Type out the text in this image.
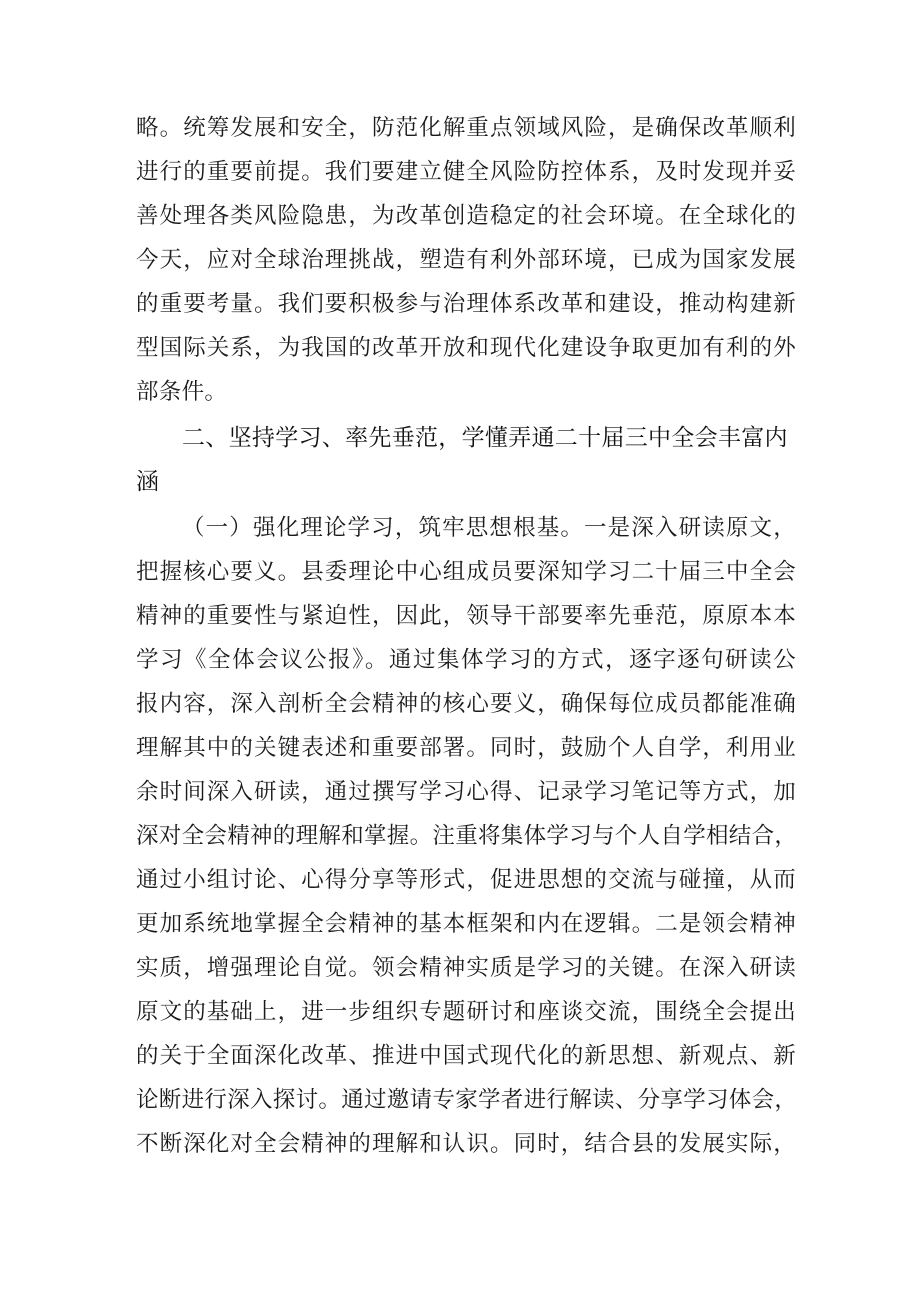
略。统筹发展和安全，防范化解重点领域风险，是确保改革顺利
进行的重要前提。我们要建立健全风险防控体系，及时发现并妥
善处理各类风险隐患，为改革创造稳定的社会环境。在全球化的
今天，应对全球治理挑战，塑造有利外部环境，已成为国家发展
的重要考量。我们要积极参与治理体系改革和建设，推动构建新
型国际关系，为我国的改革开放和现代化建设争取更加有利的外
部条件。
二、坚持学习、率先垂范，学懂弄通二十届三中全会丰富内
涵
（一）强化理论学习，筑牢思想根基。一是深入研读原文，
把握核心要义。县委理论中心组成员要深知学习二十届三中全会
精神的重要性与紧迫性，因此，领导干部要率先垂范，原原本本
学习《全体会议公报》。通过集体学习的方式，逐字逐句研读公
报内容，深入剖析全会精神的核心要义，确保每位成员都能准确
理解其中的关键表述和重要部署。同时，鼓励个人自学，利用业
余时间深入研读，通过撰写学习心得、记录学习笔记等方式，加
深对全会精神的理解和掌握。注重将集体学习与个人自学相结合，
通过小组讨论、心得分享等形式，促进思想的交流与碰撞，从而
更加系统地掌握全会精神的基本框架和内在逻辑。二是领会精神
实质，增强理论自觉。领会精神实质是学习的关键。在深入研读
原文的基础上，进一步组织专题研讨和座谈交流，围绕全会提出
的关于全面深化改革、推进中国式现代化的新思想、新观点、新
论断进行深入探讨。通过邀请专家学者进行解读、分享学习体会，
不断深化对全会精神的理解和认识。同时，结合县的发展实际，
